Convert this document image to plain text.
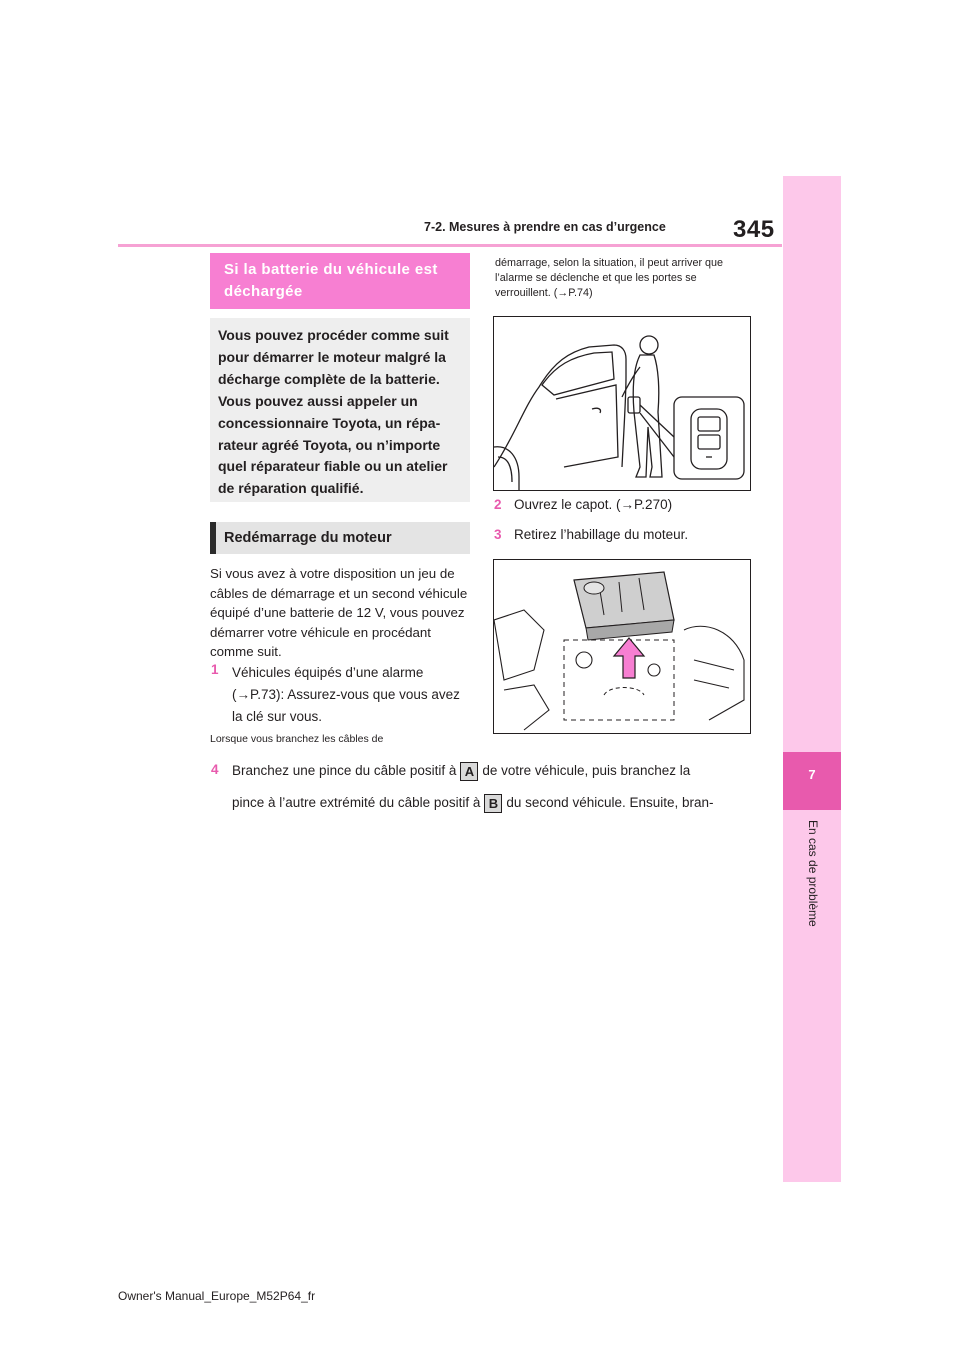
7-2. Mesures à prendre en cas d’urgence	345
7
En cas de problème
Si la batterie du véhicule est déchargée
Vous pouvez procéder comme suit pour démarrer le moteur malgré la décharge complète de la batterie. Vous pouvez aussi appeler un concessionnaire Toyota, un répa-rateur agréé Toyota, ou n’importe quel réparateur fiable ou un atelier de réparation qualifié.
Redémarrage du moteur
Si vous avez à votre disposition un jeu de câbles de démarrage et un second véhicule équipé d’une batterie de 12 V, vous pouvez démarrer votre véhicule en procédant comme suit.
1 Véhicules équipés d’une alarme (→P.73): Assurez-vous que vous avez la clé sur vous.
Lorsque vous branchez les câbles de
démarrage, selon la situation, il peut arriver que l’alarme se déclenche et que les portes se verrouillent. (→P.74)
2 Ouvrez le capot. (→P.270)
3 Retirez l’habillage du moteur.
4 Branchez une pince du câble positif à A de votre véhicule, puis branchez la
pince à l’autre extrémité du câble positif à B du second véhicule. Ensuite, bran-
Owner's Manual_Europe_M52P64_fr
